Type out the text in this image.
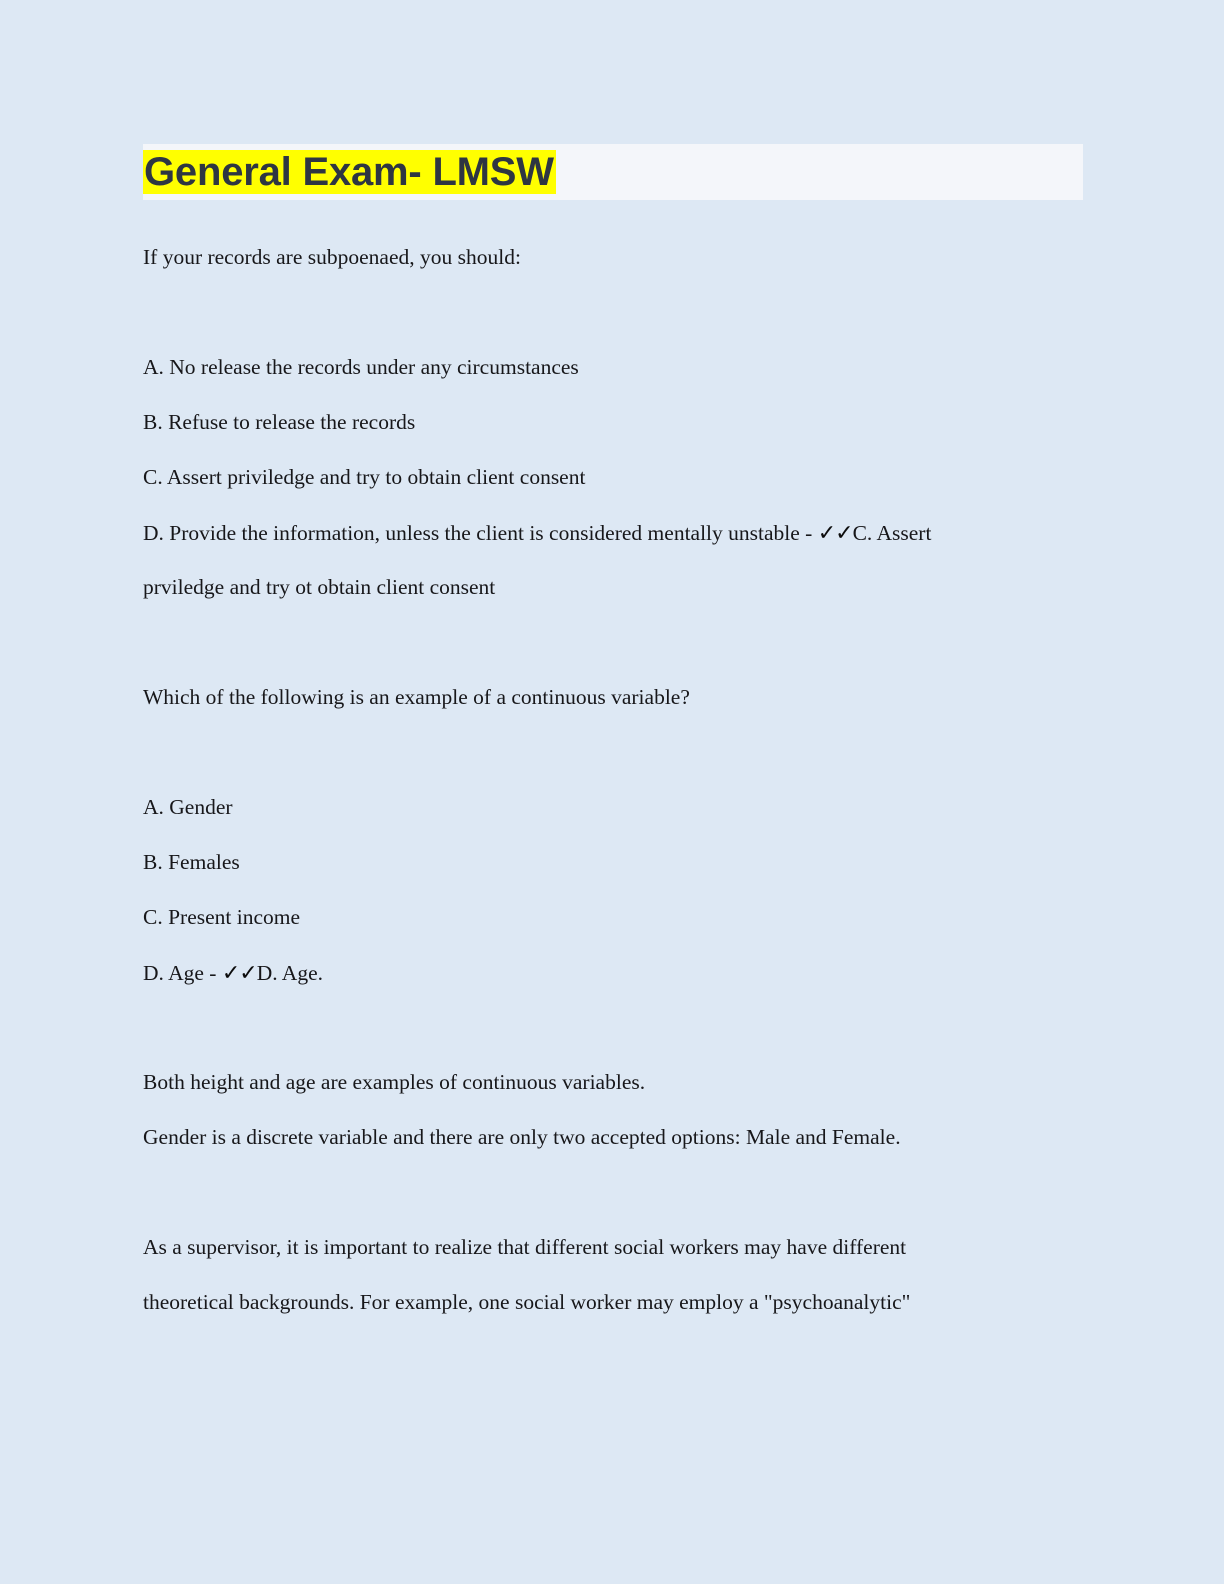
General Exam- LMSW
If your records are subpoenaed, you should:
A. No release the records under any circumstances
B. Refuse to release the records
C. Assert priviledge and try to obtain client consent
D. Provide the information, unless the client is considered mentally unstable - ✓✓C. Assert
prviledge and try ot obtain client consent
Which of the following is an example of a continuous variable?
A. Gender
B. Females
C. Present income
D. Age - ✓✓D. Age.
Both height and age are examples of continuous variables.
Gender is a discrete variable and there are only two accepted options: Male and Female.
As a supervisor, it is important to realize that different social workers may have different
theoretical backgrounds. For example, one social worker may employ a "psychoanalytic"
